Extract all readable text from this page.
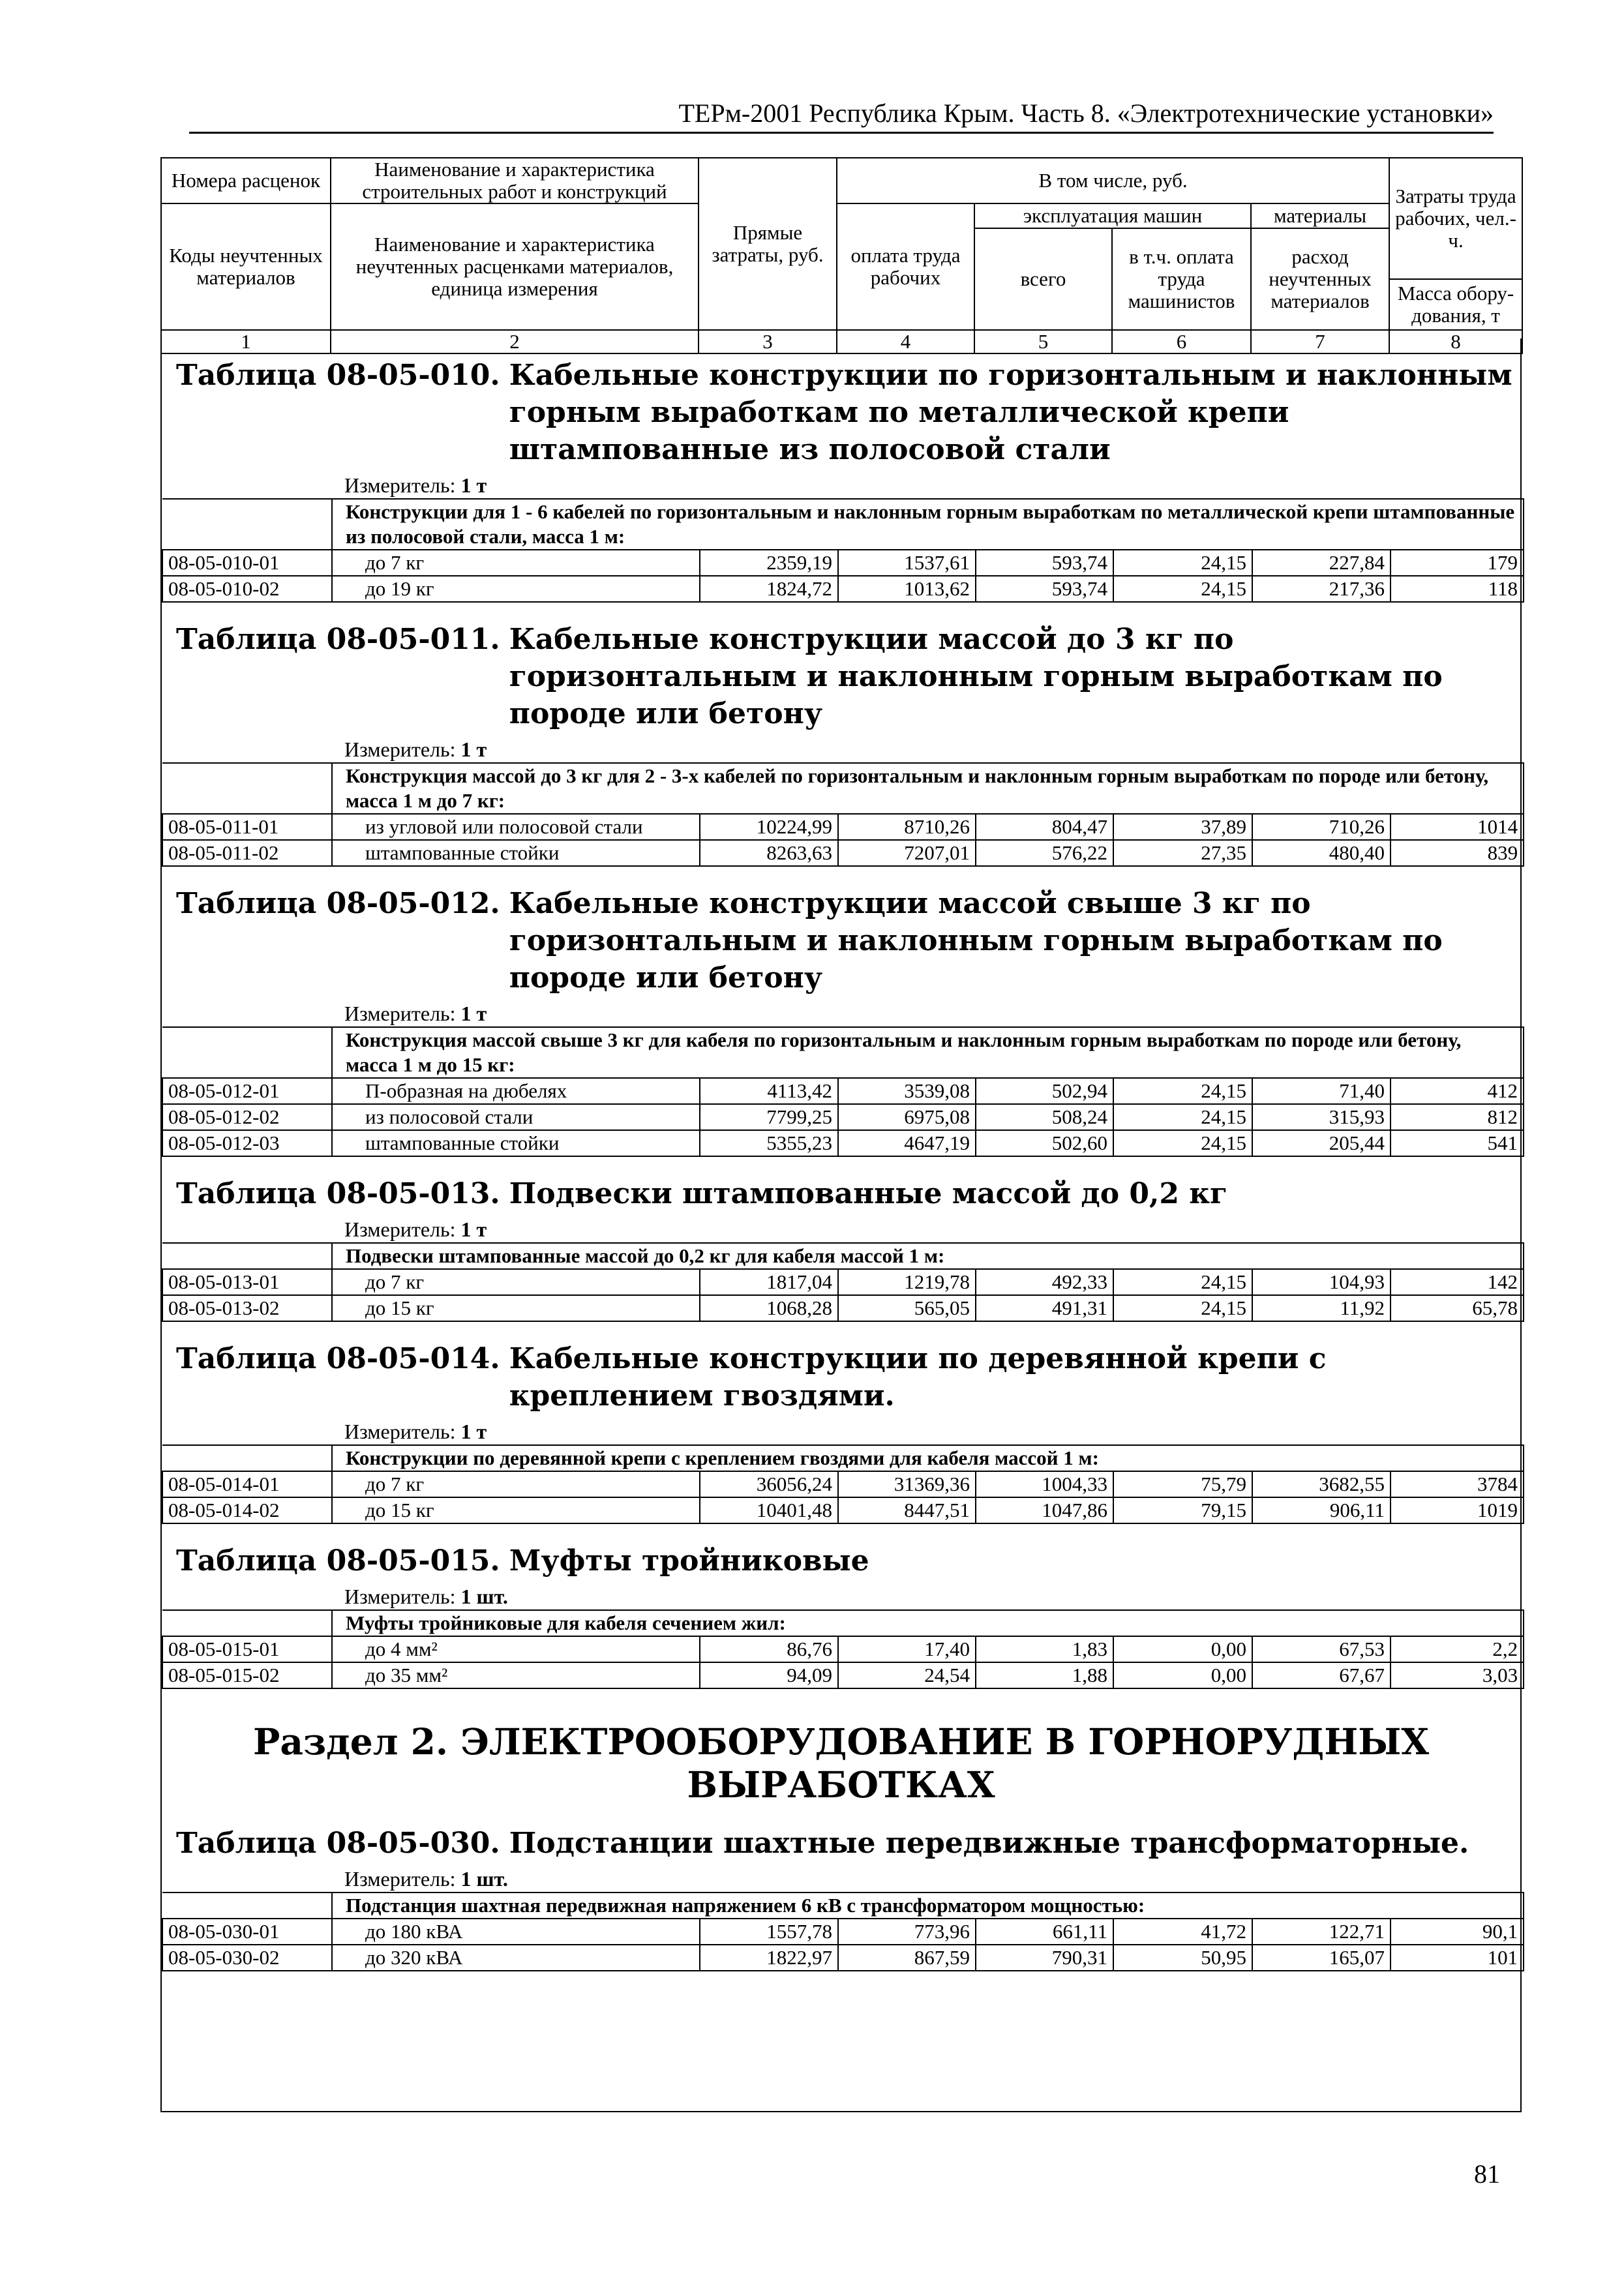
ТЕРм-2001 Республика Крым. Часть 8. «Электротехнические установки»
Номера расценок	Наименование и характеристика строительных работ и конструкций	Прямые затраты, руб.	В том числе, руб.				Затраты труда рабочих, чел.-ч.
Коды неучтенных материалов	Наименование и характеристика неучтенных расценками материалов, единица измерения		оплата труда рабочих	эксплуатация машин		материалы	
				всего	в т.ч. оплата труда машинистов	расход неучтенных материалов	
							Масса обору-дования, т
1	2	3	4	5	6	7	8
Таблица 08-05-010. Кабельные конструкции по горизонтальным и наклонным горным выработкам по металлической крепи штампованные из полосовой стали
Измеритель: 1 т
	Конструкции для 1 - 6 кабелей по горизонтальным и наклонным горным выработкам по металлической крепи штампованные из полосовой стали, масса 1 м:						
08-05-010-01	до 7 кг	2359,19	1537,61	593,74	24,15	227,84	179
08-05-010-02	до 19 кг	1824,72	1013,62	593,74	24,15	217,36	118
Таблица 08-05-011. Кабельные конструкции массой до 3 кг по горизонтальным и наклонным горным выработкам по породе или бетону
Измеритель: 1 т
	Конструкция массой до 3 кг для 2 - 3-х кабелей по горизонтальным и наклонным горным выработкам по породе или бетону, масса 1 м до 7 кг:						
08-05-011-01	из угловой или полосовой стали	10224,99	8710,26	804,47	37,89	710,26	1014
08-05-011-02	штампованные стойки	8263,63	7207,01	576,22	27,35	480,40	839
Таблица 08-05-012. Кабельные конструкции массой свыше 3 кг по горизонтальным и наклонным горным выработкам по породе или бетону
Измеритель: 1 т
	Конструкция массой свыше 3 кг для кабеля по горизонтальным и наклонным горным выработкам по породе или бетону, масса 1 м до 15 кг:						
08-05-012-01	П-образная на дюбелях	4113,42	3539,08	502,94	24,15	71,40	412
08-05-012-02	из полосовой стали	7799,25	6975,08	508,24	24,15	315,93	812
08-05-012-03	штампованные стойки	5355,23	4647,19	502,60	24,15	205,44	541
Таблица 08-05-013. Подвески штампованные массой до 0,2 кг
Измеритель: 1 т
	Подвески штампованные массой до 0,2 кг для кабеля массой 1 м:						
08-05-013-01	до 7 кг	1817,04	1219,78	492,33	24,15	104,93	142
08-05-013-02	до 15 кг	1068,28	565,05	491,31	24,15	11,92	65,78
Таблица 08-05-014. Кабельные конструкции по деревянной крепи с креплением гвоздями.
Измеритель: 1 т
	Конструкции по деревянной крепи с креплением гвоздями для кабеля массой 1 м:						
08-05-014-01	до 7 кг	36056,24	31369,36	1004,33	75,79	3682,55	3784
08-05-014-02	до 15 кг	10401,48	8447,51	1047,86	79,15	906,11	1019
Таблица 08-05-015. Муфты тройниковые
Измеритель: 1 шт.
	Муфты тройниковые для кабеля сечением жил:						
08-05-015-01	до 4 мм²	86,76	17,40	1,83	0,00	67,53	2,2
08-05-015-02	до 35 мм²	94,09	24,54	1,88	0,00	67,67	3,03
Раздел 2. ЭЛЕКТРООБОРУДОВАНИЕ В ГОРНОРУДНЫХ ВЫРАБОТКАХ
Таблица 08-05-030. Подстанции шахтные передвижные трансформаторные.
Измеритель: 1 шт.
	Подстанция шахтная передвижная напряжением 6 кВ с трансформатором мощностью:						
08-05-030-01	до 180 кВА	1557,78	773,96	661,11	41,72	122,71	90,1
08-05-030-02	до 320 кВА	1822,97	867,59	790,31	50,95	165,07	101
81
